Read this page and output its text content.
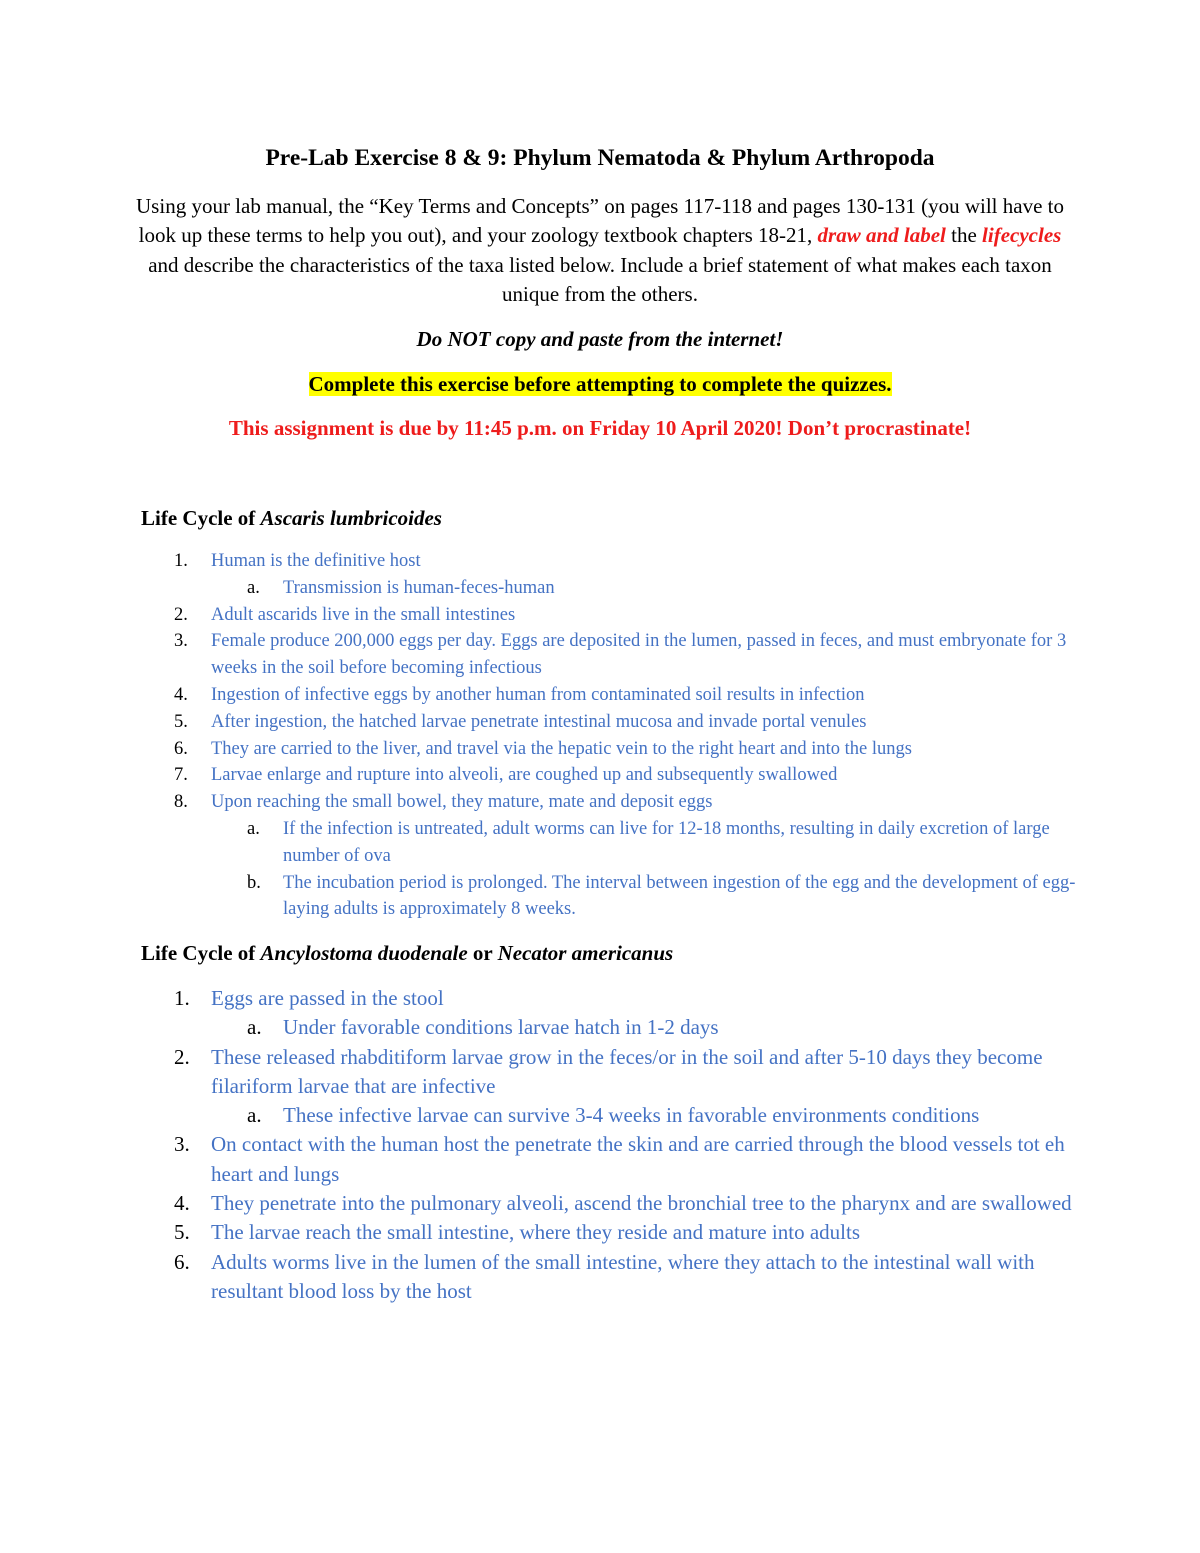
Pre-Lab Exercise 8 & 9: Phylum Nematoda & Phylum Arthropoda
Using your lab manual, the “Key Terms and Concepts” on pages 117-118 and pages 130-131 (you will have to look up these terms to help you out), and your zoology textbook chapters 18-21, draw and label the lifecycles and describe the characteristics of the taxa listed below. Include a brief statement of what makes each taxon unique from the others.
Do NOT copy and paste from the internet!
Complete this exercise before attempting to complete the quizzes.
This assignment is due by 11:45 p.m. on Friday 10 April 2020! Don’t procrastinate!
Life Cycle of Ascaris lumbricoides
1. Human is the definitive host
a. Transmission is human-feces-human
2. Adult ascarids live in the small intestines
3. Female produce 200,000 eggs per day. Eggs are deposited in the lumen, passed in feces, and must embryonate for 3 weeks in the soil before becoming infectious
4. Ingestion of infective eggs by another human from contaminated soil results in infection
5. After ingestion, the hatched larvae penetrate intestinal mucosa and invade portal venules
6. They are carried to the liver, and travel via the hepatic vein to the right heart and into the lungs
7. Larvae enlarge and rupture into alveoli, are coughed up and subsequently swallowed
8. Upon reaching the small bowel, they mature, mate and deposit eggs
a. If the infection is untreated, adult worms can live for 12-18 months, resulting in daily excretion of large number of ova
b. The incubation period is prolonged. The interval between ingestion of the egg and the development of egg-laying adults is approximately 8 weeks.
Life Cycle of Ancylostoma duodenale or Necator americanus
1. Eggs are passed in the stool
a. Under favorable conditions larvae hatch in 1-2 days
2. These released rhabditiform larvae grow in the feces/or in the soil and after 5-10 days they become filariform larvae that are infective
a. These infective larvae can survive 3-4 weeks in favorable environments conditions
3. On contact with the human host the penetrate the skin and are carried through the blood vessels tot eh heart and lungs
4. They penetrate into the pulmonary alveoli, ascend the bronchial tree to the pharynx and are swallowed
5. The larvae reach the small intestine, where they reside and mature into adults
6. Adults worms live in the lumen of the small intestine, where they attach to the intestinal wall with resultant blood loss by the host
